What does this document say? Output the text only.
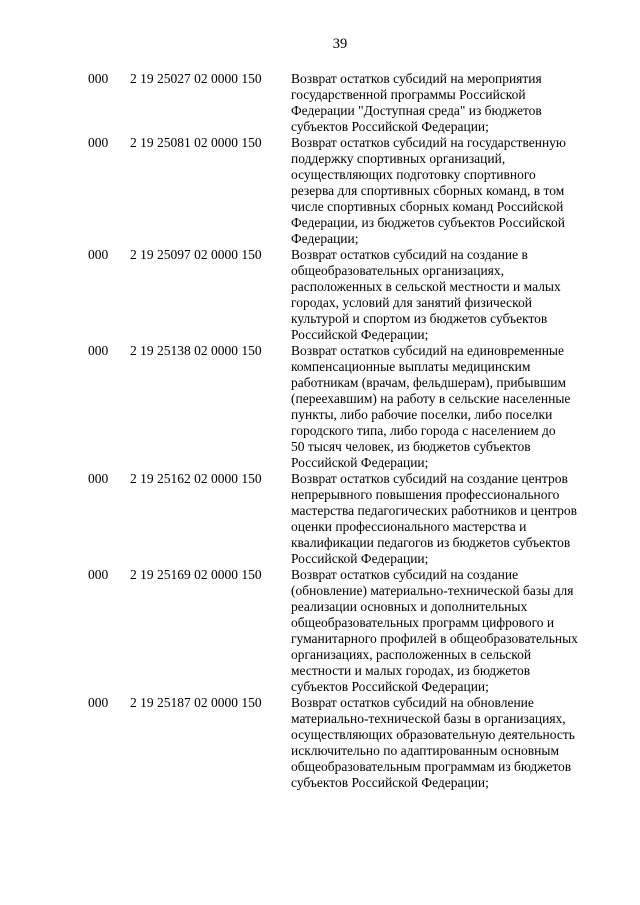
39
000 2 19 25027 02 0000 150 Возврат остатков субсидий на мероприятия
государственной программы Российской
Федерации "Доступная среда" из бюджетов
субъектов Российской Федерации;
000 2 19 25081 02 0000 150 Возврат остатков субсидий на государственную
поддержку спортивных организаций,
осуществляющих подготовку спортивного
резерва для спортивных сборных команд, в том
числе спортивных сборных команд Российской
Федерации, из бюджетов субъектов Российской
Федерации;
000 2 19 25097 02 0000 150 Возврат остатков субсидий на создание в
общеобразовательных организациях,
расположенных в сельской местности и малых
городах, условий для занятий физической
культурой и спортом из бюджетов субъектов
Российской Федерации;
000 2 19 25138 02 0000 150 Возврат остатков субсидий на единовременные
компенсационные выплаты медицинским
работникам (врачам, фельдшерам), прибывшим
(переехавшим) на работу в сельские населенные
пункты, либо рабочие поселки, либо поселки
городского типа, либо города с населением до
50 тысяч человек, из бюджетов субъектов
Российской Федерации;
000 2 19 25162 02 0000 150 Возврат остатков субсидий на создание центров
непрерывного повышения профессионального
мастерства педагогических работников и центров
оценки профессионального мастерства и
квалификации педагогов из бюджетов субъектов
Российской Федерации;
000 2 19 25169 02 0000 150 Возврат остатков субсидий на создание
(обновление) материально-технической базы для
реализации основных и дополнительных
общеобразовательных программ цифрового и
гуманитарного профилей в общеобразовательных
организациях, расположенных в сельской
местности и малых городах, из бюджетов
субъектов Российской Федерации;
000 2 19 25187 02 0000 150 Возврат остатков субсидий на обновление
материально-технической базы в организациях,
осуществляющих образовательную деятельность
исключительно по адаптированным основным
общеобразовательным программам из бюджетов
субъектов Российской Федерации;
